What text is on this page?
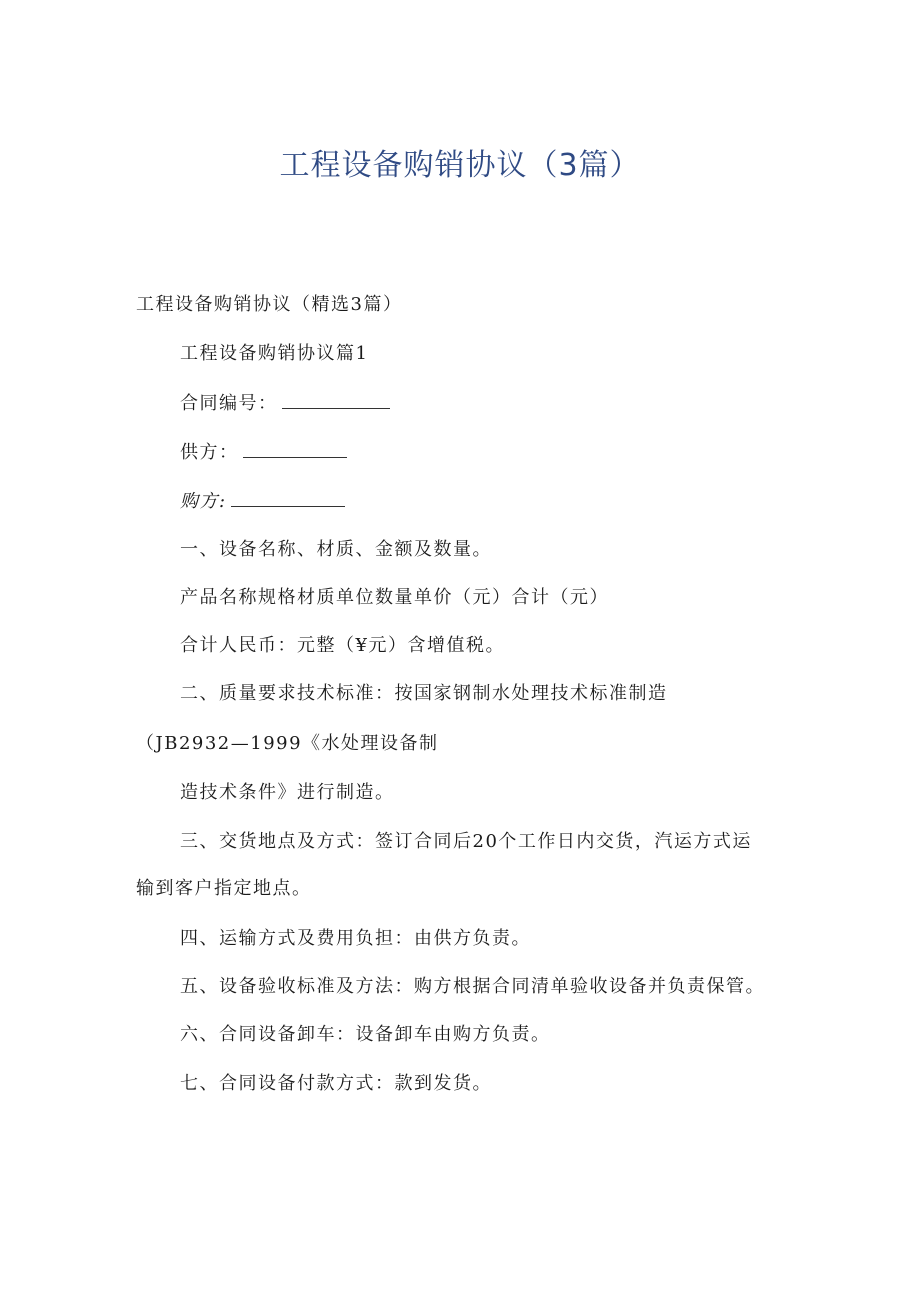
工程设备购销协议（3篇）
工程设备购销协议（精选3篇）
工程设备购销协议篇1
合同编号：
供方：
购方:
一、设备名称、材质、金额及数量。
产品名称规格材质单位数量单价（元）合计（元）
合计人民币：元整（¥元）含增值税。
二、质量要求技术标准：按国家钢制水处理技术标准制造
（JB2932—1999《水处理设备制
造技术条件》进行制造。
三、交货地点及方式：签订合同后20个工作日内交货，汽运方式运
输到客户指定地点。
四、运输方式及费用负担：由供方负责。
五、设备验收标准及方法：购方根据合同清单验收设备并负责保管。
六、合同设备卸车：设备卸车由购方负责。
七、合同设备付款方式：款到发货。
